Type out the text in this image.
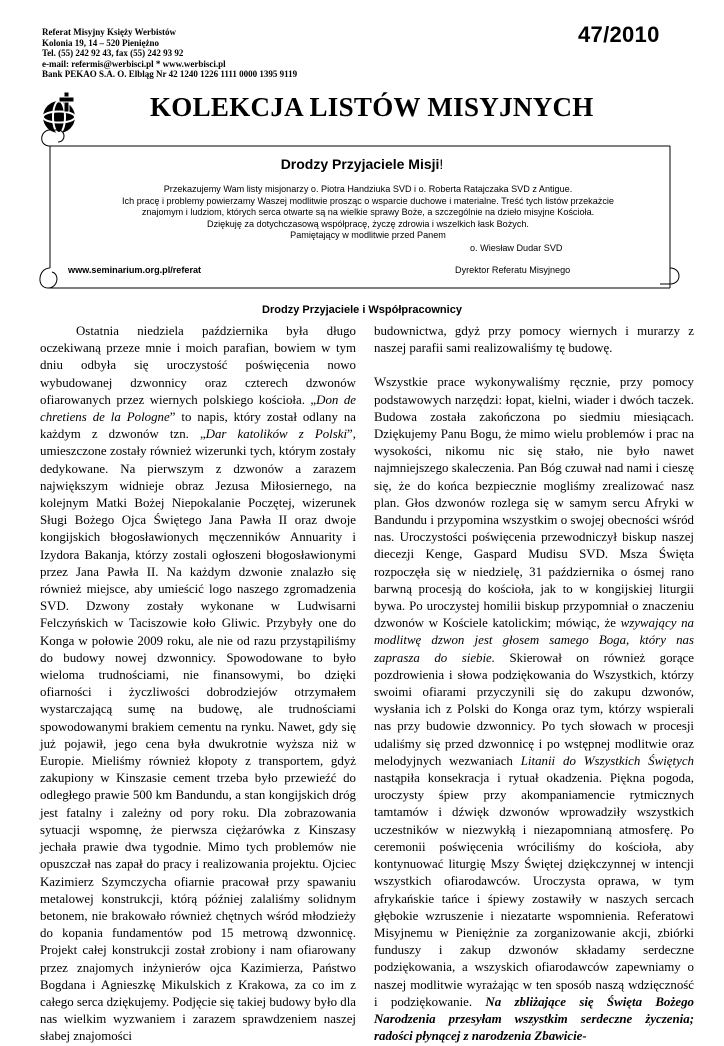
Referat Misyjny Księży Werbistów
Kolonia 19, 14 – 520 Pieniężno
Tel. (55) 242 92 43, fax (55) 242 93 92
e-mail: refermis@werbisci.pl * www.werbisci.pl
Bank PEKAO S.A. O. Elbląg Nr 42 1240 1226 1111 0000 1395 9119
47/2010
KOLEKCJA LISTÓW MISYJNYCH
Drodzy Przyjaciele Misji!
Przekazujemy Wam listy misjonarzy o. Piotra Handziuka SVD i o. Roberta Ratajczaka SVD z Antigue.
Ich pracę i problemy powierzamy Waszej modlitwie prosząc o wsparcie duchowe i materialne. Treść tych listów przekażcie
znajomym i ludziom, których serca otwarte są na wielkie sprawy Boże, a szczególnie na dzieło misyjne Kościoła.
Dziękuję za dotychczasową współpracę, życzę zdrowia i wszelkich łask Bożych.
Pamiętający w modlitwie przed Panem
o. Wiesław Dudar SVD
www.seminarium.org.pl/referat	Dyrektor Referatu Misyjnego
Drodzy Przyjaciele i Współpracownicy

Ostatnia niedziela października była długo oczekiwaną przeze mnie i moich parafian, bowiem w tym dniu odbyła się uroczystość poświęcenia nowo wybudowanej dzwonnicy oraz czterech dzwonów ofiarowanych przez wiernych polskiego kościoła. „Don de chretiens de la Pologne” to napis, który został odlany na każdym z dzwonów tzn. „Dar katolików z Polski”, umieszczone zostały również wizerunki tych, którym zostały dedykowane. Na pierwszym z dzwonów a zarazem największym widnieje obraz Jezusa Miłosiernego, na kolejnym Matki Bożej Niepokalanie Poczętej, wizerunek Sługi Bożego Ojca Świętego Jana Pawła II oraz dwoje kongijskich błogosławionych męczenników Annuarity i Izydora Bakanja, którzy zostali ogłoszeni błogosławionymi przez Jana Pawła II. Na każdym dzwonie znalazło się również miejsce, aby umieścić logo naszego zgromadzenia SVD. Dzwony zostały wykonane w Ludwisarni Felczyńskich w Taciszowie koło Gliwic. Przybyły one do Konga w połowie 2009 roku, ale nie od razu przystąpiliśmy do budowy nowej dzwonnicy. Spowodowane to było wieloma trudnościami, nie finansowymi, bo dzięki ofiarności i życzliwości dobrodziejów otrzymałem wystarczającą sumę na budowę, ale trudnościami spowodowanymi brakiem cementu na rynku. Nawet, gdy się już pojawił, jego cena była dwukrotnie wyższa niż w Europie. Mieliśmy również kłopoty z transportem, gdyż zakupiony w Kinszasie cement trzeba było przewieźć do odległego prawie 500 km Bandundu, a stan kongijskich dróg jest fatalny i zależny od pory roku. Dla zobrazowania sytuacji wspomnę, że pierwsza ciężarówka z Kinszasy jechała prawie dwa tygodnie. Mimo tych problemów nie opuszczał nas zapał do pracy i realizowania projektu. Ojciec Kazimierz Szymczycha ofiarnie pracował przy spawaniu metalowej konstrukcji, którą później zalaliśmy solidnym betonem, nie brakowało również chętnych wśród młodzieży do kopania fundamentów pod 15 metrową dzwonnicę. Projekt całej konstrukcji został zrobiony i nam ofiarowany przez znajomych inżynierów ojca Kazimierza, Państwo Bogdana i Agnieszkę Mikulskich z Krakowa, za co im z całego serca dziękujemy. Podjęcie się takiej budowy było dla nas wielkim wyzwaniem i zarazem sprawdzeniem naszej słabej znajomości

budownictwa, gdyż przy pomocy wiernych i murarzy z naszej parafii sami realizowaliśmy tę budowę.

Wszystkie prace wykonywaliśmy ręcznie, przy pomocy podstawowych narzędzi: łopat, kielni, wiader i dwóch taczek. Budowa została zakończona po siedmiu miesiącach. Dziękujemy Panu Bogu, że mimo wielu problemów i prac na wysokości, nikomu nic się stało, nie było nawet najmniejszego skaleczenia. Pan Bóg czuwał nad nami i cieszę się, że do końca bezpiecznie mogliśmy zrealizować nasz plan. Głos dzwonów rozlega się w samym sercu Afryki w Bandundu i przypomina wszystkim o swojej obecności wśród nas. Uroczystości poświęcenia przewodniczył biskup naszej diecezji Kenge, Gaspard Mudisu SVD. Msza Święta rozpoczęła się w niedzielę, 31 października o ósmej rano barwną procesją do kościoła, jak to w kongijskiej liturgii bywa. Po uroczystej homilii biskup przypomniał o znaczeniu dzwonów w Kościele katolickim; mówiąc, że wzywający na modlitwę dzwon jest głosem samego Boga, który nas zaprasza do siebie. Skierował on również gorące pozdrowienia i słowa podziękowania do Wszystkich, którzy swoimi ofiarami przyczynili się do zakupu dzwonów, wysłania ich z Polski do Konga oraz tym, którzy wspierali nas przy budowie dzwonnicy. Po tych słowach w procesji udaliśmy się przed dzwonnicę i po wstępnej modlitwie oraz melodyjnych wezwaniach Litanii do Wszystkich Świętych nastąpiła konsekracja i rytuał okadzenia. Piękna pogoda, uroczysty śpiew przy akompaniamencie rytmicznych tamtamów i dźwięk dzwonów wprowadziły wszystkich uczestników w niezwykłą i niezapomnianą atmosferę. Po ceremonii poświęcenia wróciliśmy do kościoła, aby kontynuować liturgię Mszy Świętej dziękczynnej w intencji wszystkich ofiarodawców. Uroczysta oprawa, w tym afrykańskie tańce i śpiewy zostawiły w naszych sercach głębokie wzruszenie i niezatarte wspomnienia. Referatowi Misyjnemu w Pieniężnie za zorganizowanie akcji, zbiórki funduszy i zakup dzwonów składamy serdeczne podziękowania, a wszyskich ofiarodawców zapewniamy o naszej modlitwie wyrażając w ten sposób naszą wdzięczność i podziękowanie. Na zbliżające się Święta Bożego Narodzenia przesyłam wszystkim serdeczne życzenia; radości płynącej z narodzenia Zbawicie-
